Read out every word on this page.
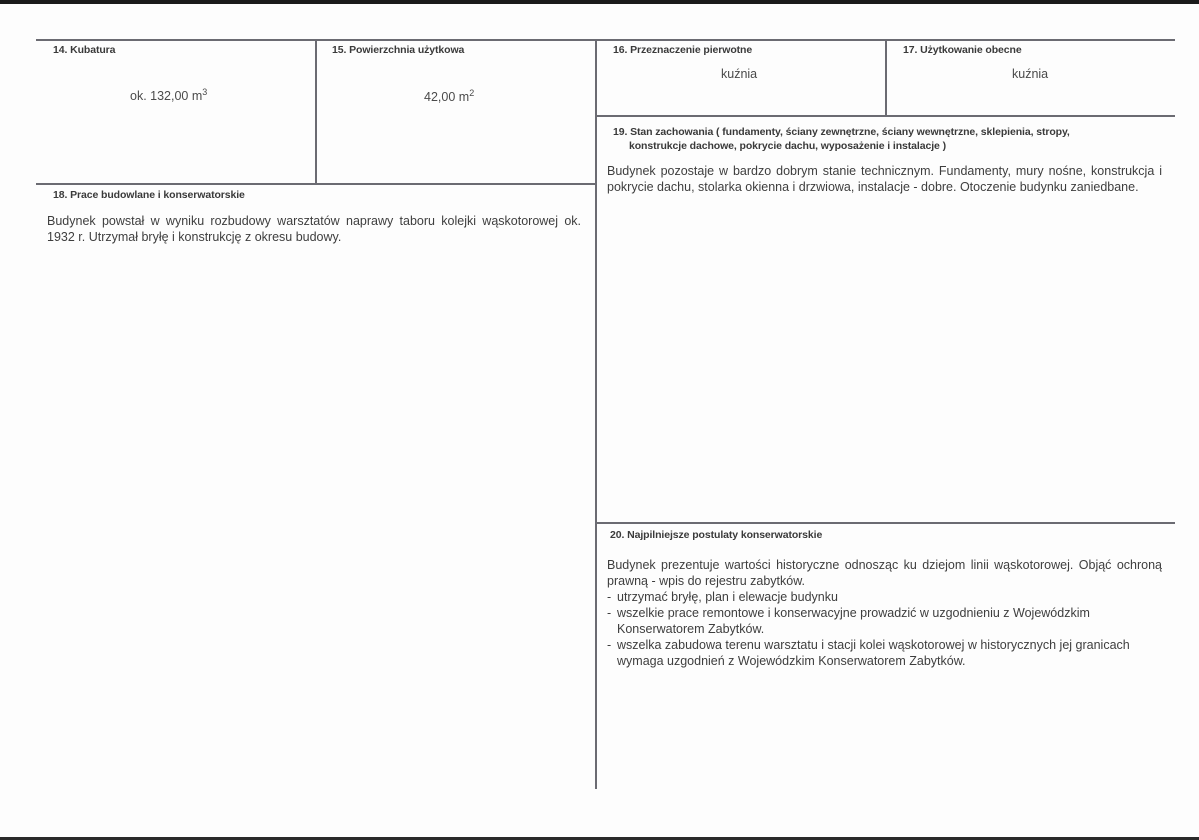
14. Kubatura
ok. 132,00 $m^3$
15. Powierzchnia użytkowa
42,00 $m^2$
16. Przeznaczenie pierwotne
kuźnia
17. Użytkowanie obecne
kuźnia
18. Prace budowlane i konserwatorskie

Budynek powstał w wyniku rozbudowy warsztatów naprawy taboru kolejki wąskotorowej ok. 1932 r. Utrzymał bryłę i konstrukcję z okresu budowy.

19. Stan zachowania ( fundamenty, ściany zewnętrzne, ściany wewnętrzne, sklepienia, stropy,
konstrukcje dachowe, pokrycie dachu, wyposażenie i instalacje )

Budynek pozostaje w bardzo dobrym stanie technicznym. Fundamenty, mury nośne, konstrukcja i pokrycie dachu, stolarka okienna i drzwiowa, instalacje - dobre. Otoczenie budynku zaniedbane.

20. Najpilniejsze postulaty konserwatorskie

Budynek prezentuje wartości historyczne odnosząc ku dziejom linii wąskotorowej. Objąć ochroną prawną - wpis do rejestru zabytków.

- utrzymać bryłę, plan i elewacje budynku
- wszelkie prace remontowe i konserwacyjne prowadzić w uzgodnieniu z Wojewódzkim Konserwatorem Zabytków.
- wszelka zabudowa terenu warsztatu i stacji kolei wąskotorowej w historycznych jej granicach wymaga uzgodnień z Wojewódzkim Konserwatorem Zabytków.
